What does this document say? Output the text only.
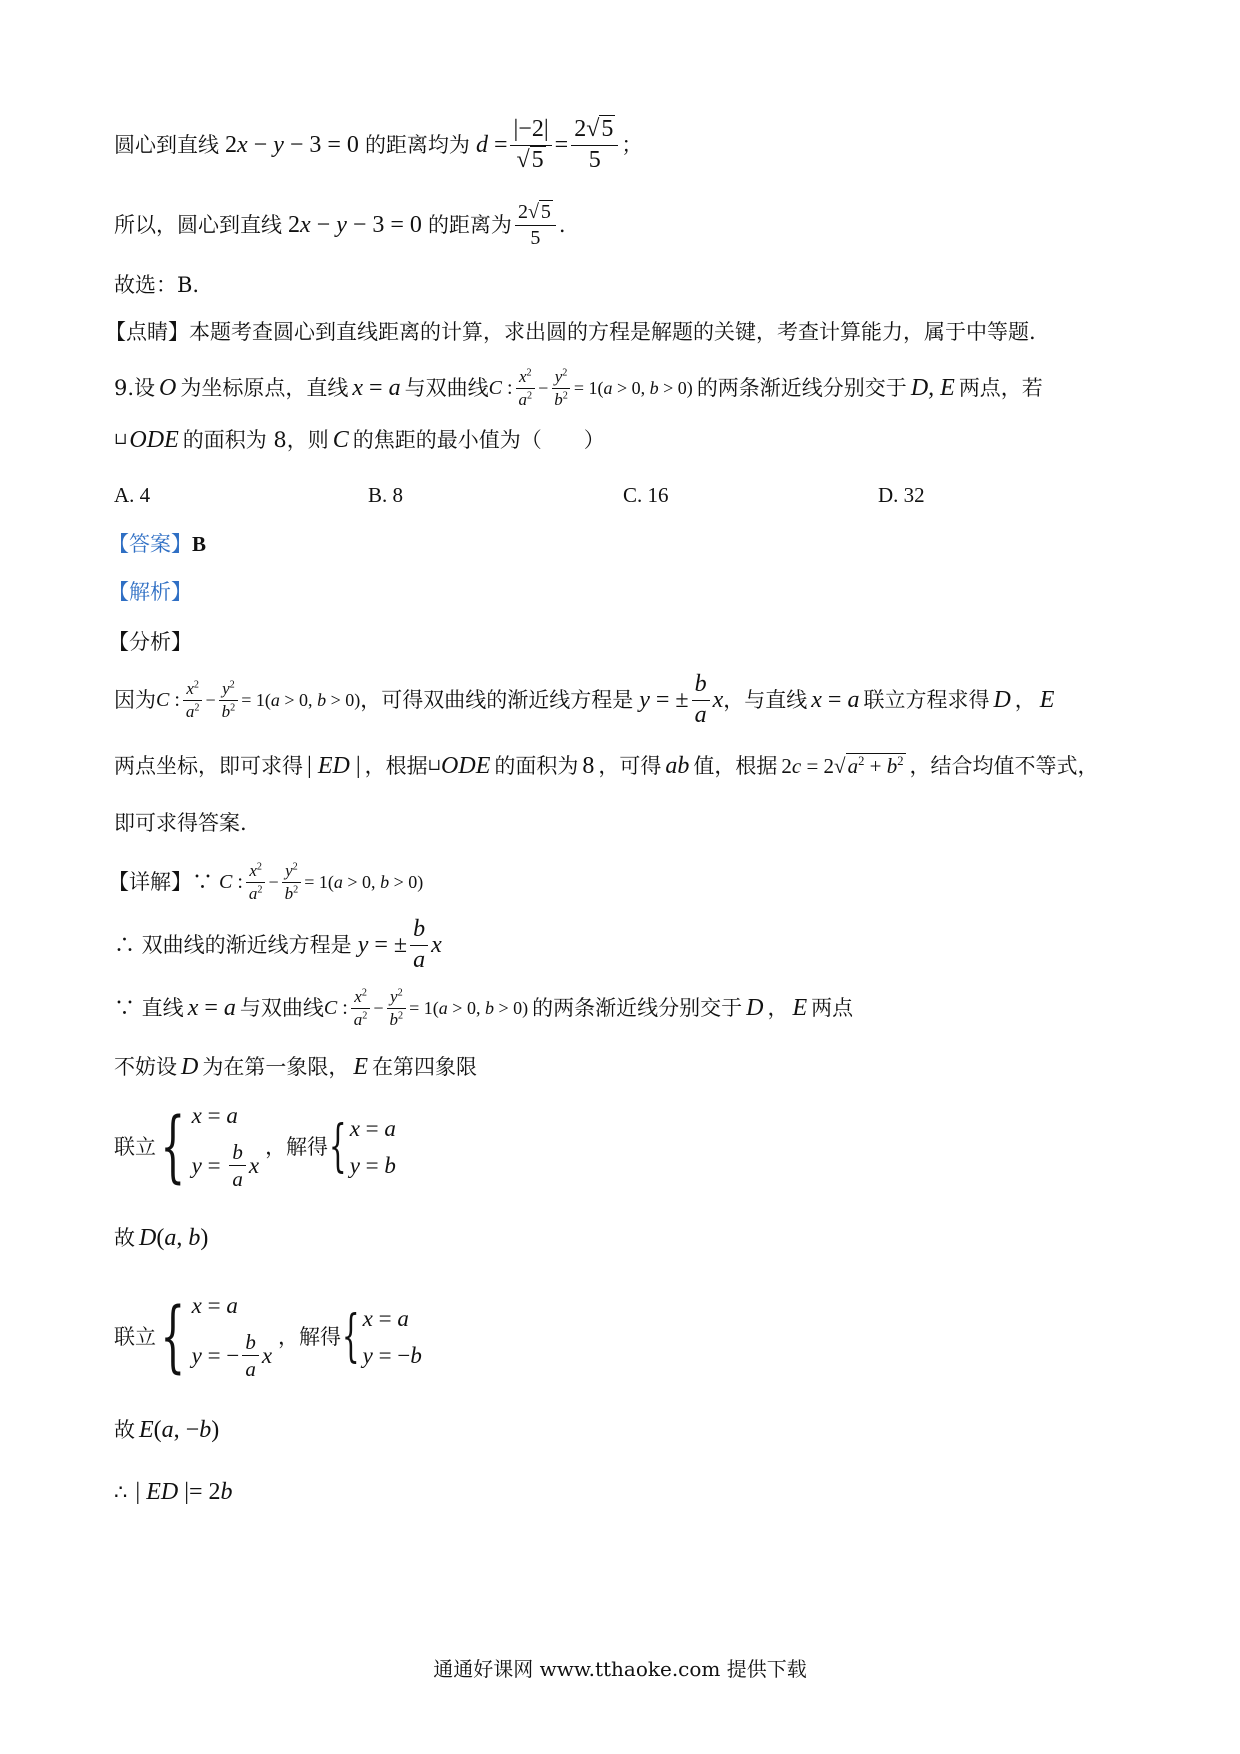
圆心到直线 2x − y − 3 = 0 的距离均为 $d = \frac{|-2|}{√5} = \frac{2√5}{5}$ ；
所以，圆心到直线 2x − y − 3 = 0 的距离为 $\frac{2√ 5}{5}$ .
故选：B.
【点睛】本题考查圆心到直线距离的计算，求出圆的方程是解题的关键，考查计算能力，属于中等题.
9.设 O 为坐标原点，直线 x = a 与双曲线 C : $\frac{x^2}{a^2} - \frac{y^2}{b^2} = 1(a > 0$, b > 0) 的两条渐近线分别交于 D, E 两点，若
⊔ ODE 的面积为 8，则 C 的焦距的最小值为（　　）
A. 4	B. 8	C. 16	D. 32
【答案】 B
【解析】
【分析】
因为 C : $\frac{x^2}{a^2} - \frac{y^2}{b^2} = 1(a > 0$, b > 0) ，可得双曲线的渐近线方程是 y = ± $\frac{b}{a}$ x ，与直线 x = a 联立方程求得 D ， E
两点坐标，即可求得 | ED | ，根据 ⊔ ODE 的面积为 8 ，可得 ab 值，根据 $2c = 2√a^2 + b^2$ ，结合均值不等式，
即可求得答案.
【详解】∵ C : $\frac{x^2}{a^2} - \frac{y^2}{b^2} = 1(a > 0$, b > 0)
∴ 双曲线的渐近线方程是 y = ± $\frac{b}{a}$ x
∵ 直线 x = a 与双曲线 C : $\frac{x^2}{a^2} - \frac{y^2}{b^2} = 1(a > 0$, b > 0) 的两条渐近线分别交于 D ， E 两点
不妨设 D 为在第一象限， E 在第四象限
联立 { x = a
$y = \frac{b}{a}$ x
，解得 { x = a
y = b
故 D(a, b)
联立 { x = a
y = − $\frac{b}{a}$ x
，解得 { x = a
y = −b
故 E(a, −b)
∴ | ED |= 2b
通通好课网 www.tthaoke.com 提供下载
